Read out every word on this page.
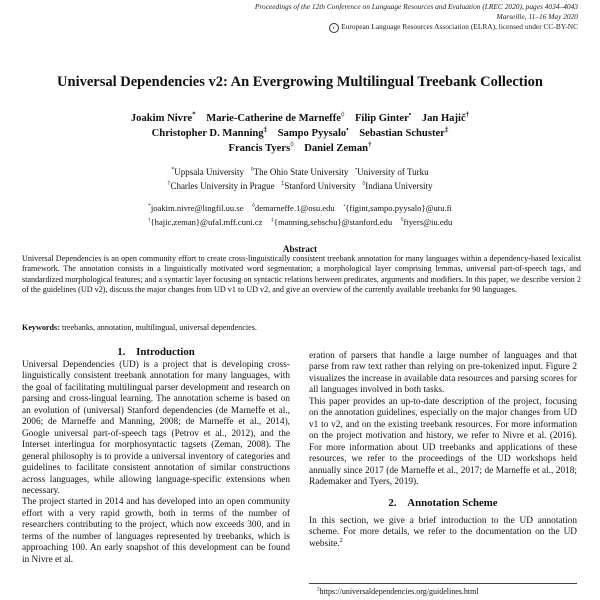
Proceedings of the 12th Conference on Language Resources and Evaluation (LREC 2020), pages 4034–4043
Marseille, 11–16 May 2020
c European Language Resources Association (ELRA), licensed under CC-BY-NC
Universal Dependencies v2: An Evergrowing Multilingual Treebank Collection
Joakim Nivre* Marie-Catherine de Marneffe◊ Filip Ginter• Jan Hajič†
Christopher D. Manning‡ Sampo Pyysalo• Sebastian Schuster‡
Francis Tyers◊ Daniel Zeman†
*Uppsala University ◊The Ohio State University •University of Turku
†Charles University in Prague ‡Stanford University ◊Indiana University
*joakim.nivre@lingfil.uu.se ◊demarneffe.1@osu.edu •{figint,sampo.pyysalo}@utu.fi
†{hajic,zeman}@ufal.mff.cuni.cz ‡{manning,sebschu}@stanford.edu ◊ftyers@iu.edu
Abstract
Universal Dependencies is an open community effort to create cross-linguistically consistent treebank annotation for many languages within a dependency-based lexicalist framework. The annotation consists in a linguistically motivated word segmentation; a morphological layer comprising lemmas, universal part-of-speech tags, and standardized morphological features; and a syntactic layer focusing on syntactic relations between predicates, arguments and modifiers. In this paper, we describe version 2 of the guidelines (UD v2), discuss the major changes from UD v1 to UD v2, and give an overview of the currently available treebanks for 90 languages.
Keywords: treebanks, annotation, multilingual, universal dependencies.
1.    Introduction

Universal Dependencies (UD) is a project that is developing cross-linguistically consistent treebank annotation for many languages, with the goal of facilitating multilingual parser development and research on parsing and cross-lingual learning. The annotation scheme is based on an evolution of (universal) Stanford dependencies (de Marneffe et al., 2006; de Marneffe and Manning, 2008; de Marneffe et al., 2014), Google universal part-of-speech tags (Petrov et al., 2012), and the Interset interlingua for morphosyntactic tagsets (Zeman, 2008). The general philosophy is to provide a universal inventory of categories and guidelines to facilitate consistent annotation of similar constructions across languages, while allowing language-specific extensions when necessary.

The project started in 2014 and has developed into an open community effort with a very rapid growth, both in terms of the number of researchers contributing to the project, which now exceeds 300, and in terms of the number of languages represented by treebanks, which is approaching 100. An early snapshot of this development can be found in Nivre et al.

eration of parsers that handle a large number of languages and that parse from raw text rather than relying on pre-tokenized input. Figure 2 visualizes the increase in available data resources and parsing scores for all languages involved in both tasks.

This paper provides an up-to-date description of the project, focusing on the annotation guidelines, especially on the major changes from UD v1 to v2, and on the existing treebank resources. For more information on the project motivation and history, we refer to Nivre et al. (2016). For more information about UD treebanks and applications of these resources, we refer to the proceedings of the UD workshops held annually since 2017 (de Marneffe et al., 2017; de Marneffe et al., 2018; Rademaker and Tyers, 2019).

2.    Annotation Scheme

In this section, we give a brief introduction to the UD annotation scheme. For more details, we refer to the documentation on the UD website.$^2$

$^2$https://universaldependencies.org/guidelines.html
